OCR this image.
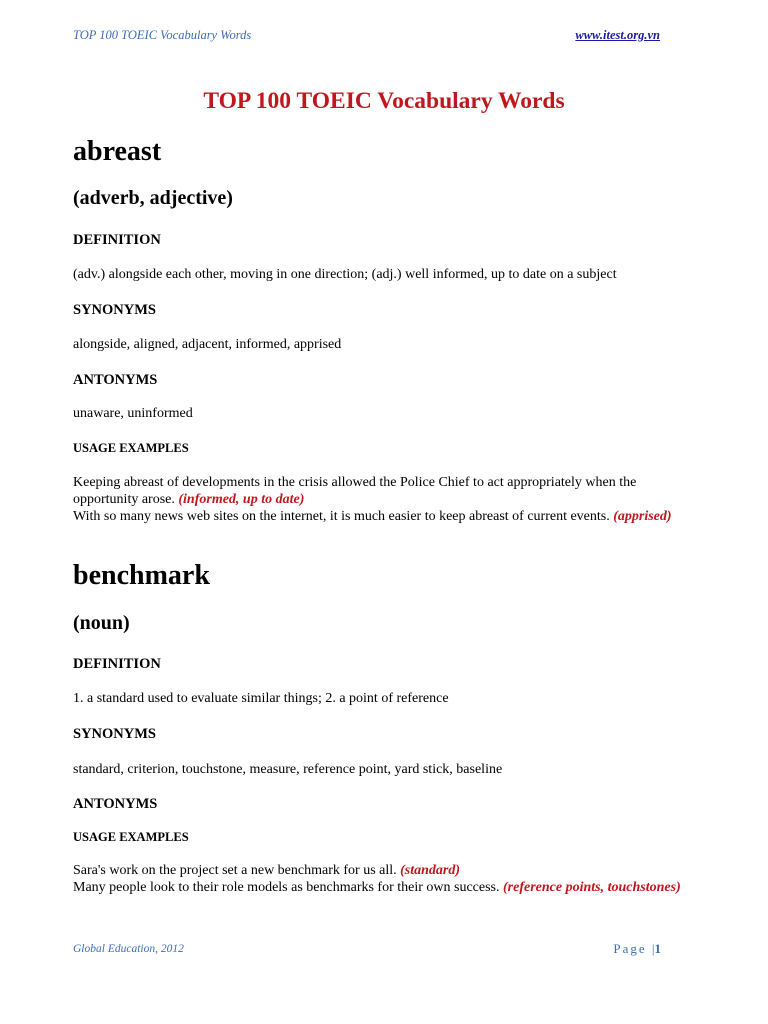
TOP 100 TOEIC Vocabulary Words	www.itest.org.vn
TOP 100 TOEIC Vocabulary Words
abreast
(adverb, adjective)
DEFINITION
(adv.) alongside each other, moving in one direction; (adj.) well informed, up to date on a subject
SYNONYMS
alongside, aligned, adjacent, informed, apprised
ANTONYMS
unaware, uninformed
USAGE EXAMPLES
Keeping abreast of developments in the crisis allowed the Police Chief to act appropriately when the opportunity arose. (informed, up to date)
With so many news web sites on the internet, it is much easier to keep abreast of current events. (apprised)
benchmark
(noun)
DEFINITION
1. a standard used to evaluate similar things; 2. a point of reference
SYNONYMS
standard, criterion, touchstone, measure, reference point, yard stick, baseline
ANTONYMS
USAGE EXAMPLES
Sara's work on the project set a new benchmark for us all. (standard)
Many people look to their role models as benchmarks for their own success. (reference points, touchstones)
Global Education, 2012	Page |1
